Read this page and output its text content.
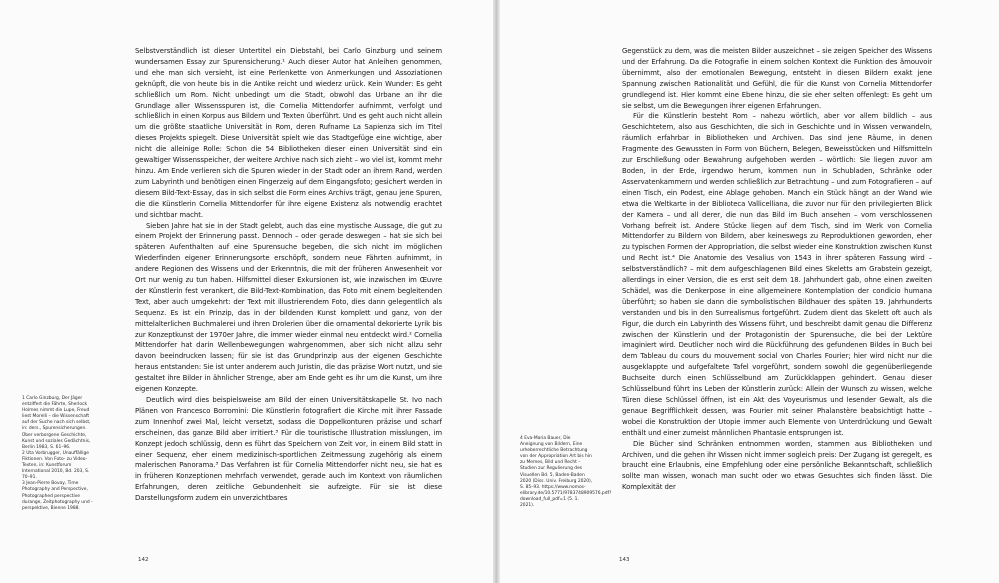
Selbstverständlich ist dieser Untertitel ein Diebstahl, bei Carlo Ginzburg und seinem wundersamen Essay zur Spurensicherung.¹ Auch dieser Autor hat Anleihen genommen, und ehe man sich versieht, ist eine Perlenkette von Anmerkungen und Assoziationen geknüpft, die von heute bis in die Antike reicht und wiederz urück. Kein Wunder: Es geht schließlich um Rom. Nicht unbedingt um die Stadt, obwohl das Urbane an ihr die Grundlage aller Wissensspuren ist, die Cornelia Mittendorfer aufnimmt, verfolgt und schließlich in einen Korpus aus Bildern und Texten überführt. Und es geht auch nicht allein um die größte staatliche Universität in Rom, deren Rufname La Sapienza sich im Titel dieses Projekts spiegelt. Diese Universität spielt wie das Stadtgefüge eine wichtige, aber nicht die alleinige Rolle: Schon die 54 Bibliotheken dieser einen Universität sind ein gewaltiger Wissensspeicher, der weitere Archive nach sich zieht – wo viel ist, kommt mehr hinzu. Am Ende verlieren sich die Spuren wieder in der Stadt oder an ihrem Rand, werden zum Labyrinth und benötigen einen Fingerzeig auf dem Eingangsfoto; gesichert werden in diesem Bild-Text-Essay, das in sich selbst die Form eines Archivs trägt, genau jene Spuren, die die Künstlerin Cornelia Mittendorfer für ihre eigene Existenz als notwendig erachtet und sichtbar macht.

Sieben Jahre hat sie in der Stadt gelebt, auch das eine mystische Aussage, die gut zu einem Projekt der Erinnerung passt. Dennoch – oder gerade deswegen – hat sie sich bei späteren Aufenthalten auf eine Spurensuche begeben, die sich nicht im möglichen Wiederfinden eigener Erinnerungsorte erschöpft, sondern neue Fährten aufnimmt, in andere Regionen des Wissens und der Erkenntnis, die mit der früheren Anwesenheit vor Ort nur wenig zu tun haben. Hilfsmittel dieser Exkursionen ist, wie inzwischen im Œuvre der Künstlerin fest verankert, die Bild-Text-Kombination, das Foto mit einem begleitenden Text, aber auch umgekehrt: der Text mit illustrierendem Foto, dies dann gelegentlich als Sequenz. Es ist ein Prinzip, das in der bildenden Kunst komplett und ganz, von der mittelalterlichen Buchmalerei und ihren Drolerien über die ornamental dekorierte Lyrik bis zur Konzeptkunst der 1970er Jahre, die immer wieder einmal neu entdeckt wird.² Cornelia Mittendorfer hat darin Wellenbewegungen wahrgenommen, aber sich nicht allzu sehr davon beeindrucken lassen; für sie ist das Grundprinzip aus der eigenen Geschichte heraus entstanden: Sie ist unter anderem auch Juristin, die das präzise Wort nutzt, und sie gestaltet ihre Bilder in ähnlicher Strenge, aber am Ende geht es ihr um die Kunst, um ihre eigenen Konzepte.

Deutlich wird dies beispielsweise am Bild der einen Universitätskapelle St. Ivo nach Plänen von Francesco Borromini: Die Künstlerin fotografiert die Kirche mit ihrer Fassade zum Innenhof zwei Mal, leicht versetzt, sodass die Doppelkonturen präzise und scharf erscheinen, das ganze Bild aber irritiert.³ Für die touristische Illustration misslungen, im Konzept jedoch schlüssig, denn es führt das Speichern von Zeit vor, in einem Bild statt in einer Sequenz, eher einem medizinisch-sportlichen Zeitmessung zugehörig als einem malerischen Panorama.³ Das Verfahren ist für Cornelia Mittendorfer nicht neu, sie hat es in früheren Konzeptionen mehrfach verwendet, gerade auch im Kontext von räumlichen Erfahrungen, deren zeitliche Gebundenheit sie aufzeigte. Für sie ist diese Darstellungsform zudem ein unverzichtbares

1 Carlo Ginzburg, Der Jäger entziffert die Fährte, Sherlock Holmes nimmt die Lupe, Freud liest Morelli – die Wissenschaft auf der Suche nach sich selbst, in: ders., Spurensicherungen. Über verborgene Geschichte, Kunst und soziales Gedächtnis, Berlin 1983, S. 61–96.

2 Uta Vorbrugger, Unauffällige Fiktionen. Von Foto- zu Video-Texten, in: Kunstforum International 2010, Bd. 203, S. 70–91.

3 Jean-Pierre Bovay, Time Photography and Perspective, Photographed perspective durange, Zeitphotography und -perspektive, Bienne 1988.

142

Gegenstück zu dem, was die meisten Bilder auszeichnet – sie zeigen Speicher des Wissens und der Erfahrung. Da die Fotografie in einem solchen Kontext die Funktion des âmouvoir übernimmt, also der emotionalen Bewegung, entsteht in diesen Bildern exakt jene Spannung zwischen Rationalität und Gefühl, die für die Kunst von Cornelia Mittendorfer grundlegend ist. Hier kommt eine Ebene hinzu, die sie eher selten offenlegt: Es geht um sie selbst, um die Bewegungen ihrer eigenen Erfahrungen.

Für die Künstlerin besteht Rom – nahezu wörtlich, aber vor allem bildlich – aus Geschichtetem, also aus Geschichten, die sich in Geschichte und in Wissen verwandeln, räumlich erfahrbar in Bibliotheken und Archiven. Das sind jene Räume, in denen Fragmente des Gewussten in Form von Büchern, Belegen, Beweisstücken und Hilfsmitteln zur Erschließung oder Bewahrung aufgehoben werden – wörtlich: Sie liegen zuvor am Boden, in der Erde, irgendwo herum, kommen nun in Schubladen, Schränke oder Asservatenkammern und werden schließlich zur Betrachtung – und zum Fotografieren – auf einen Tisch, ein Podest, eine Ablage gehoben. Manch ein Stück hängt an der Wand wie etwa die Weltkarte in der Biblioteca Vallicelliana, die zuvor nur für den privilegierten Blick der Kamera – und all derer, die nun das Bild im Buch ansehen – vom verschlossenen Vorhang befreit ist. Andere Stücke liegen auf dem Tisch, sind im Werk von Cornelia Mittendorfer zu Bildern von Bildern, aber keineswegs zu Reproduktionen geworden, eher zu typischen Formen der Appropriation, die selbst wieder eine Konstruktion zwischen Kunst und Recht ist.⁴ Die Anatomie des Vesalius von 1543 in ihrer späteren Fassung wird – selbstverständlich? – mit dem aufgeschlagenen Bild eines Skeletts am Grabstein gezeigt, allerdings in einer Version, die es erst seit dem 18. Jahrhundert gab, ohne einen zweiten Schädel, was die Denkerpose in eine allgemeinere Kontemplation der condicio humana überführt; so haben sie dann die symbolistischen Bildhauer des späten 19. Jahrhunderts verstanden und bis in den Surrealismus fortgeführt. Zudem dient das Skelett oft auch als Figur, die durch ein Labyrinth des Wissens führt, und beschreibt damit genau die Differenz zwischen der Künstlerin und der Protagonistin der Spurensuche, die bei der Lektüre imaginiert wird. Deutlicher noch wird die Rückführung des gefundenen Bildes in Buch bei dem Tableau du cours du mouvement social von Charles Fourier; hier wird nicht nur die ausgeklappte und aufgefaltete Tafel vorgeführt, sondern sowohl die gegenüberliegende Buchseite durch einen Schlüsselbund am Zurückklappen gehindert. Genau dieser Schlüsselbund führt ins Leben der Künstlerin zurück: Allein der Wunsch zu wissen, welche Türen diese Schlüssel öffnen, ist ein Akt des Voyeurismus und lesender Gewalt, als die genaue Begrifflichkeit dessen, was Fourier mit seiner Phalanstère beabsichtigt hatte – wobei die Konstruktion der Utopie immer auch Elemente von Unterdrückung und Gewalt enthält und einer zumeist männlichen Phantasie entsprungen ist.

Die Bücher sind Schränken entnommen worden, stammen aus Bibliotheken und Archiven, und die gehen ihr Wissen nicht immer sogleich preis: Der Zugang ist geregelt, es braucht eine Erlaubnis, eine Empfehlung oder eine persönliche Bekanntschaft, schließlich sollte man wissen, wonach man sucht oder wo etwas Gesuchtes sich finden lässt. Die Komplexität der

4 Eva-Maria Bauer, Die Aneignung von Bildern, Eine urheberrechtliche Betrachtung von der Appropriation Art bis hin zu Memes, Bild und Recht – Studien zur Regulierung des Visuellen Bd. 5, Baden-Baden 2020 (Diss. Univ. Freiburg 2020), S. 85–93. https://www.nomos-elibrary.de/10.5771/9783748909576.pdf?download_full_pdf=1 (5. 1. 2021).

143
